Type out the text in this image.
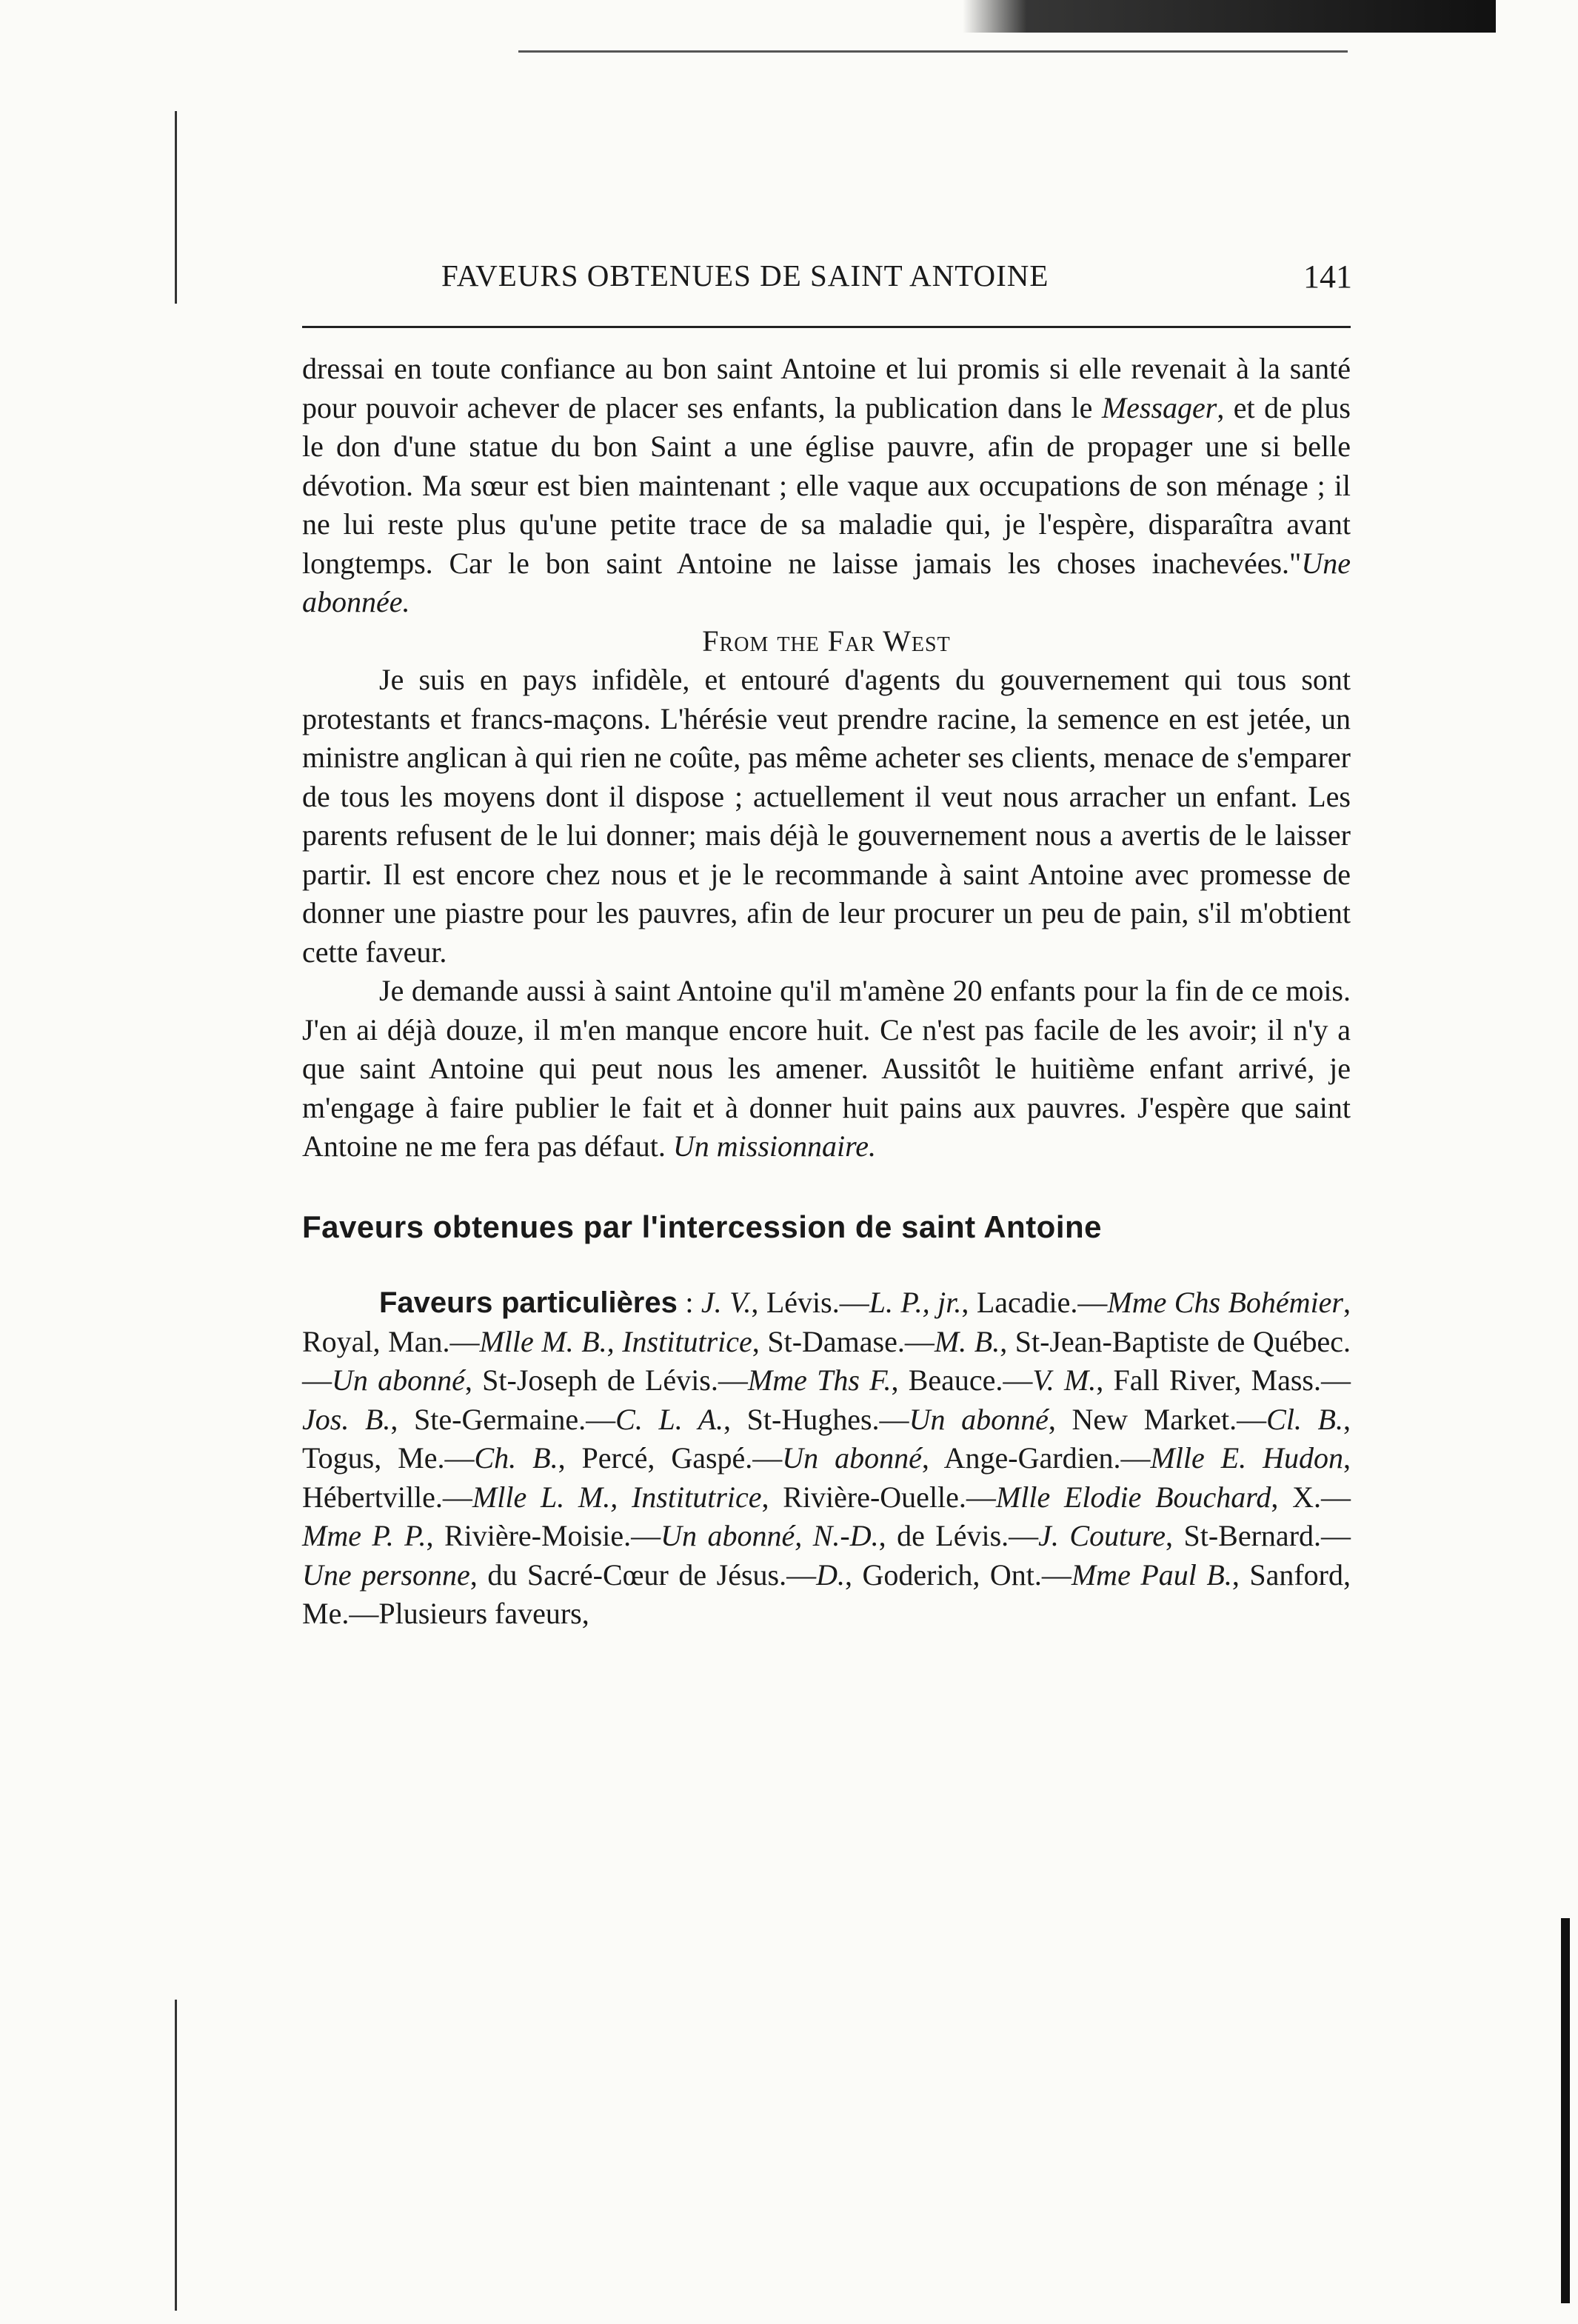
FAVEURS OBTENUES DE SAINT ANTOINE	141

dressai en toute confiance au bon saint Antoine et lui promis si elle revenait à la santé pour pouvoir achever de placer ses enfants, la publication dans le Messager, et de plus le don d'une statue du bon Saint a une église pauvre, afin de propager une si belle dévotion. Ma sœur est bien maintenant ; elle vaque aux occupations de son ménage ; il ne lui reste plus qu'une petite trace de sa maladie qui, je l'espère, disparaîtra avant longtemps. Car le bon saint Antoine ne laisse jamais les choses inachevées."Une abonnée.

From the Far West

Je suis en pays infidèle, et entouré d'agents du gouvernement qui tous sont protestants et francs-maçons. L'hérésie veut prendre racine, la semence en est jetée, un ministre anglican à qui rien ne coûte, pas même acheter ses clients, menace de s'emparer de tous les moyens dont il dispose ; actuellement il veut nous arracher un enfant. Les parents refusent de le lui donner; mais déjà le gouvernement nous a avertis de le laisser partir. Il est encore chez nous et je le recommande à saint Antoine avec promesse de donner une piastre pour les pauvres, afin de leur procurer un peu de pain, s'il m'obtient cette faveur.

Je demande aussi à saint Antoine qu'il m'amène 20 enfants pour la fin de ce mois. J'en ai déjà douze, il m'en manque encore huit. Ce n'est pas facile de les avoir; il n'y a que saint Antoine qui peut nous les amener. Aussitôt le huitième enfant arrivé, je m'engage à faire publier le fait et à donner huit pains aux pauvres. J'espère que saint Antoine ne me fera pas défaut. Un missionnaire.

Faveurs obtenues par l'intercession de saint Antoine

Faveurs particulières : J. V., Lévis.—L. P., jr., Lacadie.—Mme Chs Bohémier, Royal, Man.—Mlle M. B., Institutrice, St-Damase.—M. B., St-Jean-Baptiste de Québec.—Un abonné, St-Joseph de Lévis.—Mme Ths F., Beauce.—V. M., Fall River, Mass.—Jos. B., Ste-Germaine.—C. L. A., St-Hughes.—Un abonné, New Market.—Cl. B., Togus, Me.—Ch. B., Percé, Gaspé.—Un abonné, Ange-Gardien.—Mlle E. Hudon, Hébertville.—Mlle L. M., Institutrice, Rivière-Ouelle.—Mlle Elodie Bouchard, X.—Mme P. P., Rivière-Moisie.—Un abonné, N.-D., de Lévis.—J. Couture, St-Bernard.—Une personne, du Sacré-Cœur de Jésus.—D., Goderich, Ont.—Mme Paul B., Sanford, Me.—Plusieurs faveurs,
